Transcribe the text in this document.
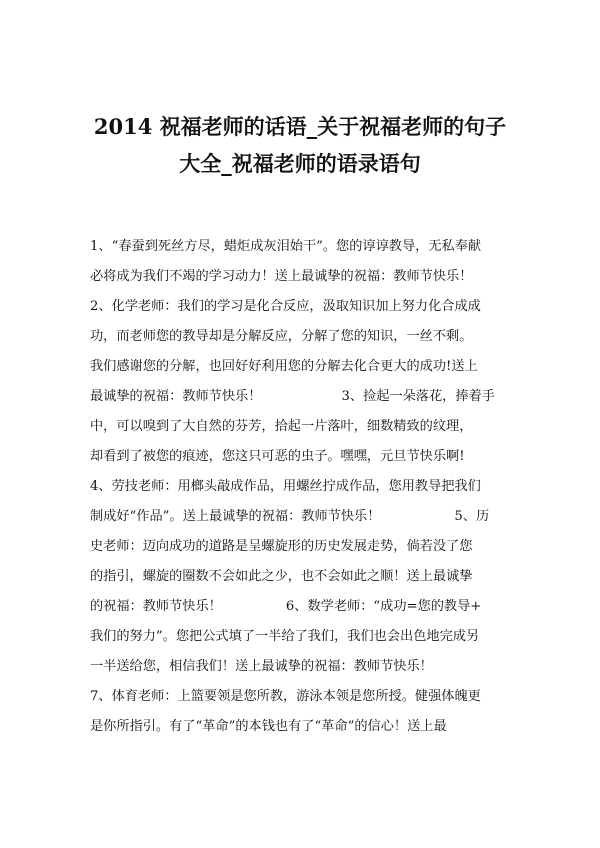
2014 祝福老师的话语_关于祝福老师的句子
大全_祝福老师的语录语句
1、“春蚕到死丝方尽，蜡炬成灰泪始干”。您的谆谆教导，无私奉献
必将成为我们不竭的学习动力！送上最诚挚的祝福：教师节快乐！
2、化学老师：我们的学习是化合反应，汲取知识加上努力化合成成
功，而老师您的教导却是分解反应，分解了您的知识，一丝不剩。
我们感谢您的分解，也回好好利用您的分解去化合更大的成功!送上
最诚挚的祝福：教师节快乐！	3、捡起一朵落花，捧着手
中，可以嗅到了大自然的芬芳，拾起一片落叶，细数精致的纹理，
却看到了被您的痕迹，您这只可恶的虫子。嘿嘿，元旦节快乐啊!
4、劳技老师：用榔头敲成作品，用螺丝拧成作品，您用教导把我们
制成好“作品”。送上最诚挚的祝福：教师节快乐！	5、历
史老师：迈向成功的道路是呈螺旋形的历史发展走势，倘若没了您
的指引，螺旋的圈数不会如此之少，也不会如此之顺！送上最诚挚
的祝福：教师节快乐！	6、数学老师：“成功=您的教导+
我们的努力”。您把公式填了一半给了我们，我们也会出色地完成另
一半送给您，相信我们！送上最诚挚的祝福：教师节快乐！
7、体育老师：上篮要领是您所教，游泳本领是您所授。健强体魄更
是你所指引。有了“革命”的本钱也有了“革命”的信心！送上最
